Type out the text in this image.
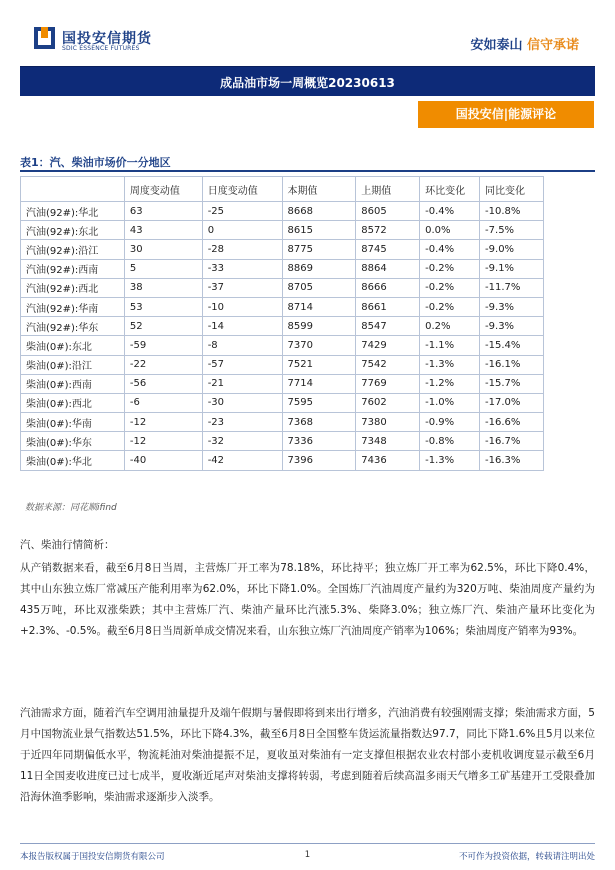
国投安信期货
SDIC ESSENCE FUTURES	安如泰山 信守承诺
成品油市场一周概览20230613
国投安信|能源评论
表1：汽、柴油市场价一分地区
	周度变动值	日度变动值	本期值	上期值	环比变化	同比变化
汽油(92#):华北	63	-25	8668	8605	-0.4%	-10.8%
汽油(92#):东北	43	0	8615	8572	0.0%	-7.5%
汽油(92#):沿江	30	-28	8775	8745	-0.4%	-9.0%
汽油(92#):西南	5	-33	8869	8864	-0.2%	-9.1%
汽油(92#):西北	38	-37	8705	8666	-0.2%	-11.7%
汽油(92#):华南	53	-10	8714	8661	-0.2%	-9.3%
汽油(92#):华东	52	-14	8599	8547	0.2%	-9.3%
柴油(0#):东北	-59	-8	7370	7429	-1.1%	-15.4%
柴油(0#):沿江	-22	-57	7521	7542	-1.3%	-16.1%
柴油(0#):西南	-56	-21	7714	7769	-1.2%	-15.7%
柴油(0#):西北	-6	-30	7595	7602	-1.0%	-17.0%
柴油(0#):华南	-12	-23	7368	7380	-0.9%	-16.6%
柴油(0#):华东	-12	-32	7336	7348	-0.8%	-16.7%
柴油(0#):华北	-40	-42	7396	7436	-1.3%	-16.3%
数据来源：同花顺ifind
汽、柴油行情简析：
从产销数据来看，截至6月8日当周，主营炼厂开工率为78.18%，环比持平；独立炼厂开工率为62.5%，环比下降0.4%，其中山东独立炼厂常减压产能利用率为62.0%，环比下降1.0%。全国炼厂汽油周度产量约为320万吨、柴油周度产量约为435万吨，环比双涨柴跌；其中主营炼厂汽、柴油产量环比汽涨5.3%、柴降3.0%；独立炼厂汽、柴油产量环比变化为+2.3%、-0.5%。截至6月8日当周新单成交情况来看，山东独立炼厂汽油周度产销率为106%；柴油周度产销率为93%。
汽油需求方面，随着汽车空调用油量提升及端午假期与暑假即将到来出行增多，汽油消费有较强刚需支撑；柴油需求方面，5月中国物流业景气指数达51.5%，环比下降4.3%，截至6月8日全国整车货运流量指数达97.7，同比下降1.6%且5月以来位于近四年同期偏低水平，物流耗油对柴油提振不足，夏收虽对柴油有一定支撑但根据农业农村部小麦机收调度显示截至6月11日全国麦收进度已过七成半，夏收渐近尾声对柴油支撑将转弱，考虑到随着后续高温多雨天气增多工矿基建开工受限叠加沿海休渔季影响，柴油需求逐渐步入淡季。
本报告版权属于国投安信期货有限公司	1	不可作为投资依据，转载请注明出处
